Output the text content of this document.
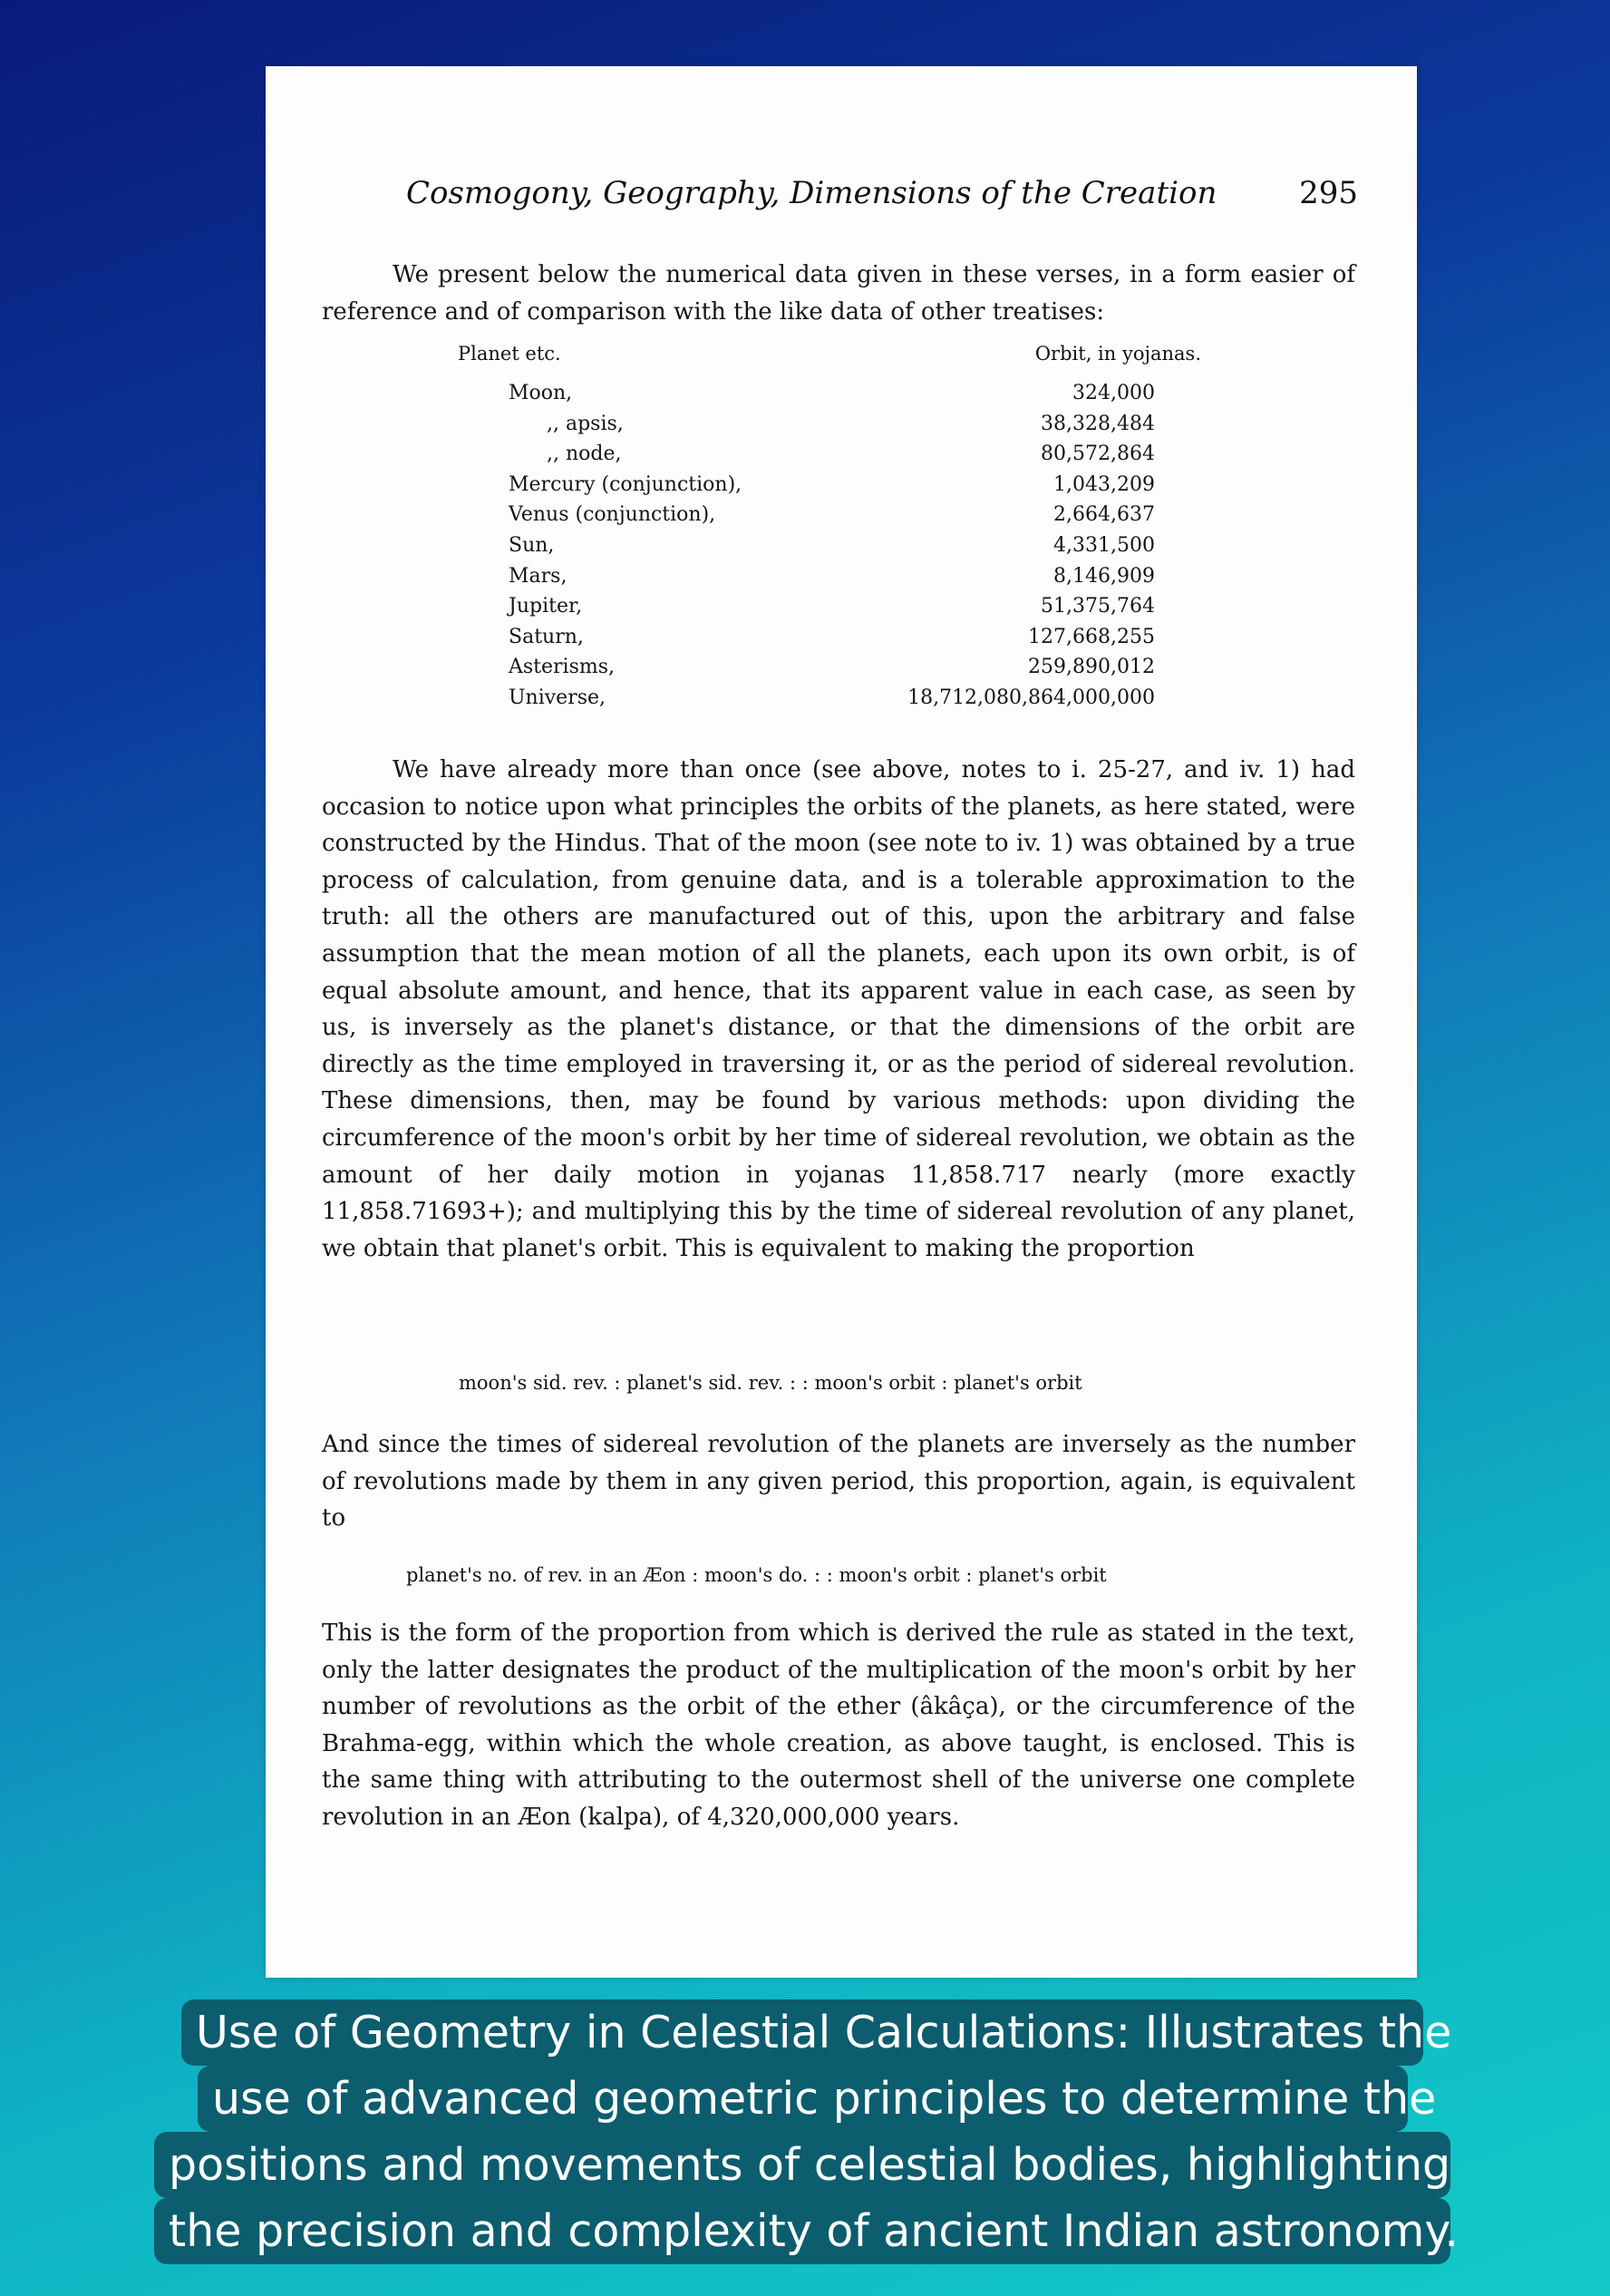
Cosmogony, Geography, Dimensions of the Creation	295

We present below the numerical data given in these verses, in a form easier of reference and of comparison with the like data of other treatises:

Planet etc.	Orbit, in yojanas.
Moon,	324,000
,, apsis,	38,328,484
,, node,	80,572,864
Mercury (conjunction),	1,043,209
Venus (conjunction),	2,664,637
Sun,	4,331,500
Mars,	8,146,909
Jupiter,	51,375,764
Saturn,	127,668,255
Asterisms,	259,890,012
Universe,	18,712,080,864,000,000

We have already more than once (see above, notes to i. 25-27, and iv. 1) had occasion to notice upon what principles the orbits of the planets, as here stated, were constructed by the Hindus. That of the moon (see note to iv. 1) was obtained by a true process of calculation, from genuine data, and is a tolerable approximation to the truth: all the others are manufactured out of this, upon the arbitrary and false assumption that the mean motion of all the planets, each upon its own orbit, is of equal absolute amount, and hence, that its apparent value in each case, as seen by us, is inversely as the planet's distance, or that the dimensions of the orbit are directly as the time employed in traversing it, or as the period of sidereal revolution. These dimensions, then, may be found by various methods: upon dividing the circumference of the moon's orbit by her time of sidereal revolution, we obtain as the amount of her daily motion in yojanas 11,858.717 nearly (more exactly 11,858.71693+); and multiplying this by the time of sidereal revolution of any planet, we obtain that planet's orbit. This is equivalent to making the proportion

moon's sid. rev. : planet's sid. rev. : : moon's orbit : planet's orbit

And since the times of sidereal revolution of the planets are inversely as the number of revolutions made by them in any given period, this proportion, again, is equivalent to

planet's no. of rev. in an Æon : moon's do. : : moon's orbit : planet's orbit

This is the form of the proportion from which is derived the rule as stated in the text, only the latter designates the product of the multiplication of the moon's orbit by her number of revolutions as the orbit of the ether (âkâça), or the circumference of the Brahma-egg, within which the whole creation, as above taught, is enclosed. This is the same thing with attributing to the outermost shell of the universe one complete revolution in an Æon (kalpa), of 4,320,000,000 years.

Use of Geometry in Celestial Calculations: Illustrates the
use of advanced geometric principles to determine the
positions and movements of celestial bodies, highlighting
the precision and complexity of ancient Indian astronomy.
